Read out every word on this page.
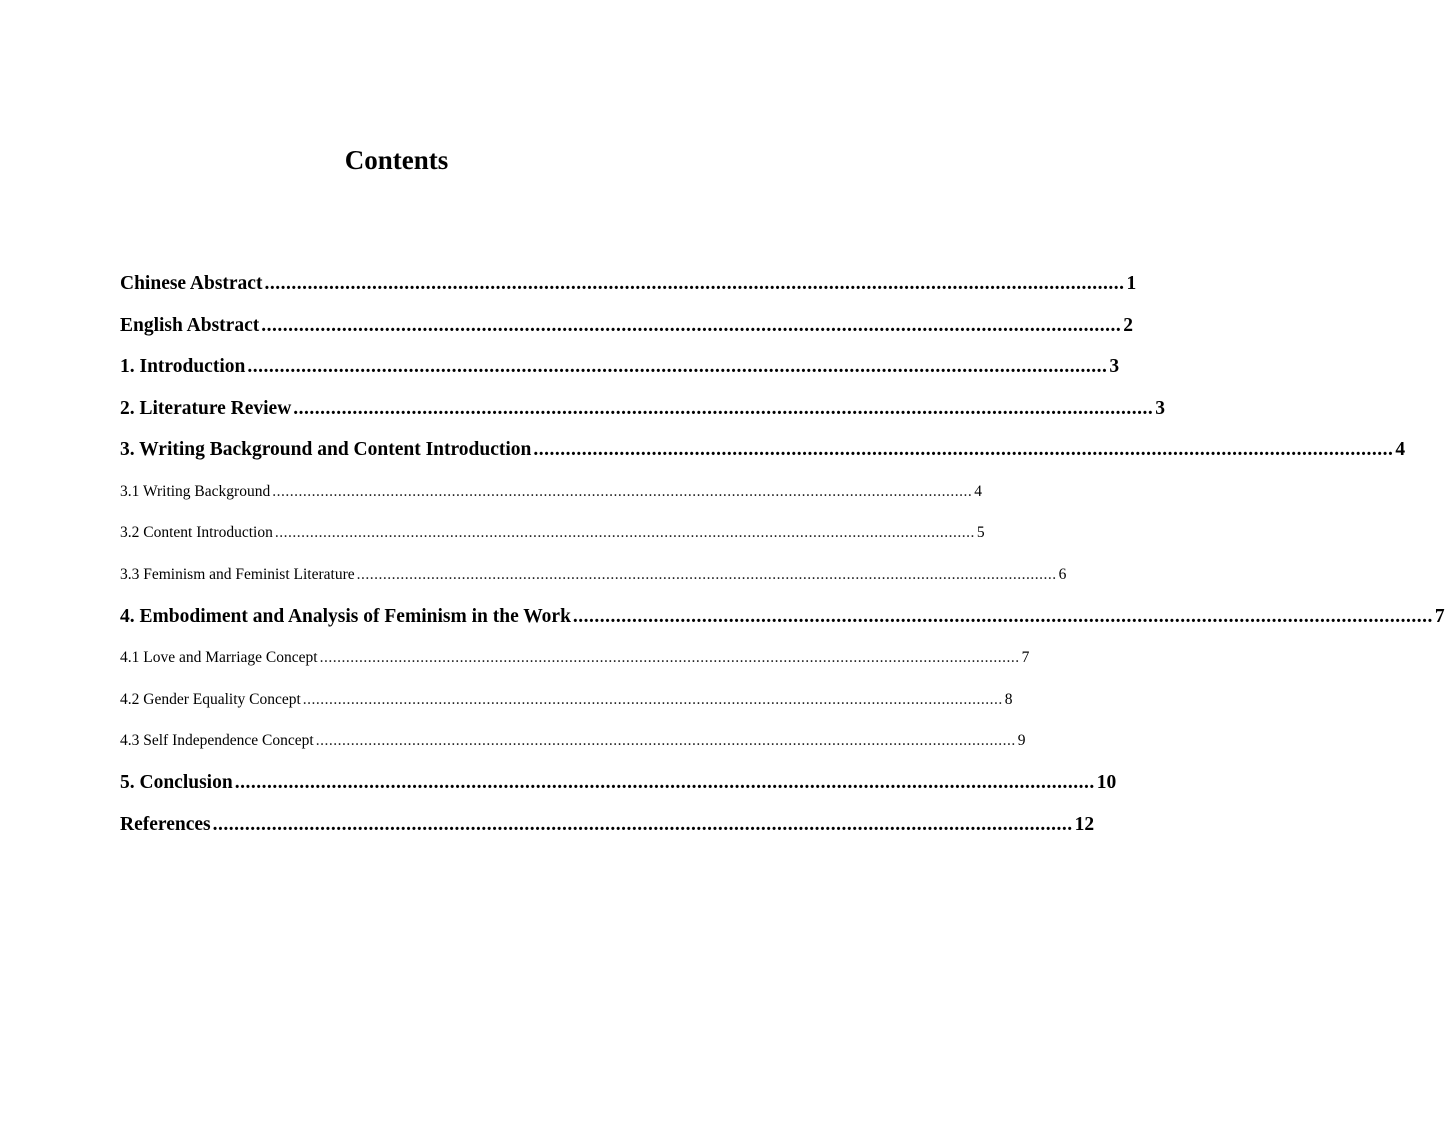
Contents
Chinese Abstract ................................................................................................................................................................ 1
English Abstract ................................................................................................................................................................ 2
1. Introduction ................................................................................................................................................................ 3
2. Literature Review ................................................................................................................................................................ 3
3. Writing Background and Content Introduction ................................................................................................................................................................ 4
3.1 Writing Background ................................................................................................................................................................ 4
3.2 Content Introduction ................................................................................................................................................................ 5
3.3 Feminism and Feminist Literature ................................................................................................................................................................ 6
4. Embodiment and Analysis of Feminism in the Work ................................................................................................................................................................ 7
4.1 Love and Marriage Concept ................................................................................................................................................................ 7
4.2 Gender Equality Concept ................................................................................................................................................................ 8
4.3 Self Independence Concept ................................................................................................................................................................ 9
5. Conclusion ................................................................................................................................................................ 10
References ................................................................................................................................................................ 12
